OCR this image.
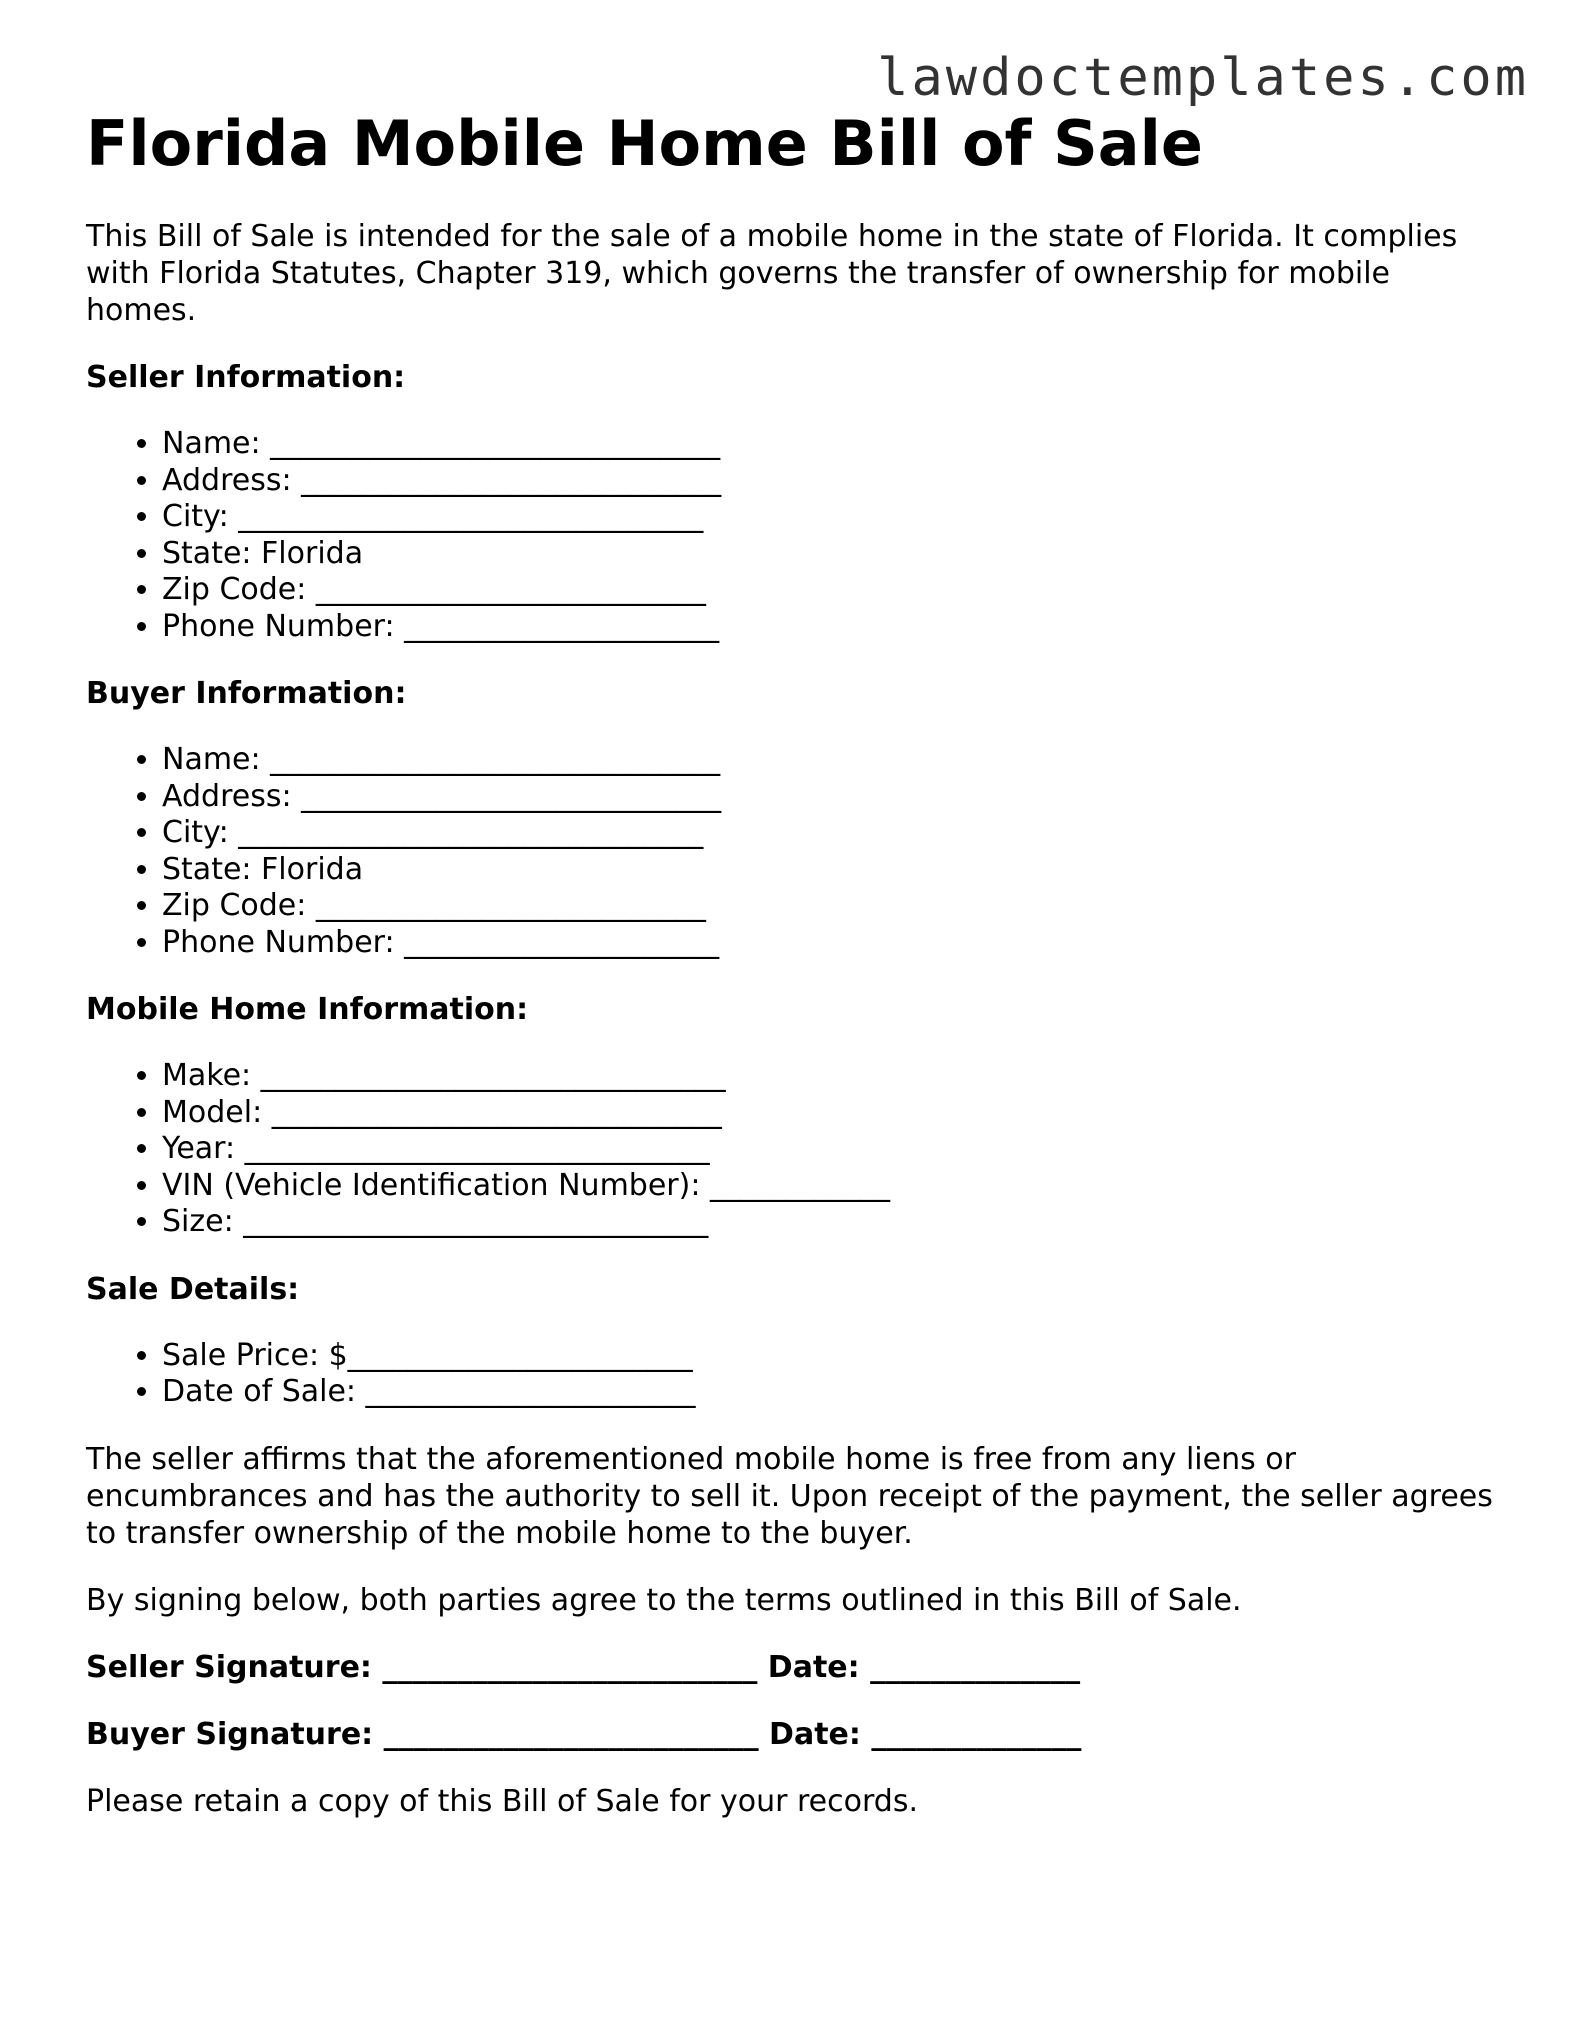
lawdoctemplates.com
Florida Mobile Home Bill of Sale

This Bill of Sale is intended for the sale of a mobile home in the state of Florida. It complies with Florida Statutes, Chapter 319, which governs the transfer of ownership for mobile homes.

Seller Information:
• Name: ______________________________
• Address: ____________________________
• City: _______________________________
• State: Florida
• Zip Code: __________________________
• Phone Number: _____________________
Buyer Information:
• Name: ______________________________
• Address: ____________________________
• City: _______________________________
• State: Florida
• Zip Code: __________________________
• Phone Number: _____________________
Mobile Home Information:
• Make: _______________________________
• Model: ______________________________
• Year: _______________________________
• VIN (Vehicle Identification Number): ____________
• Size: _______________________________
Sale Details:
• Sale Price: $_______________________
• Date of Sale: ______________________

The seller affirms that the aforementioned mobile home is free from any liens or encumbrances and has the authority to sell it. Upon receipt of the payment, the seller agrees to transfer ownership of the mobile home to the buyer.

By signing below, both parties agree to the terms outlined in this Bill of Sale.

Seller Signature: _________________________ Date: ______________
Buyer Signature: _________________________ Date: ______________

Please retain a copy of this Bill of Sale for your records.
